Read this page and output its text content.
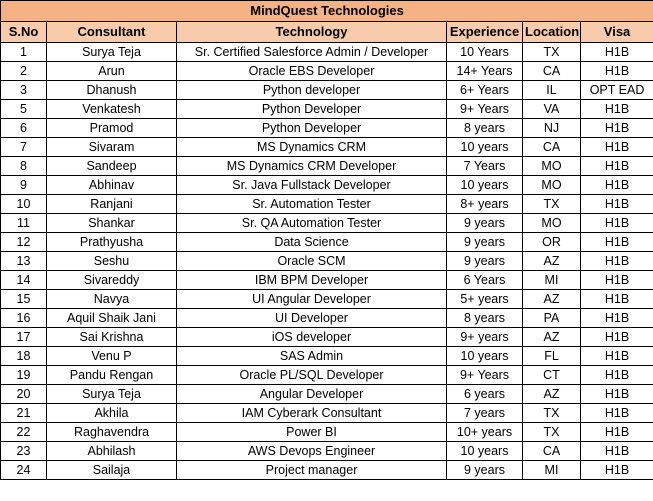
MindQuest Technologies					
S.No	Consultant	Technology	Experience	Location	Visa
1	Surya Teja	Sr. Certified Salesforce Admin / Developer	10 Years	TX	H1B
2	Arun	Oracle EBS Developer	14+ Years	CA	H1B
3	Dhanush	Python developer	6+ Years	IL	OPT EAD
5	Venkatesh	Python Developer	9+ Years	VA	H1B
6	Pramod	Python Developer	8 years	NJ	H1B
7	Sivaram	MS Dynamics CRM	10 years	CA	H1B
8	Sandeep	MS Dynamics CRM Developer	7 Years	MO	H1B
9	Abhinav	Sr. Java Fullstack Developer	10 years	MO	H1B
10	Ranjani	Sr. Automation Tester	8+ years	TX	H1B
11	Shankar	Sr. QA Automation Tester	9 years	MO	H1B
12	Prathyusha	Data Science	9 years	OR	H1B
13	Seshu	Oracle SCM	9 years	AZ	H1B
14	Sivareddy	IBM BPM Developer	6 Years	MI	H1B
15	Navya	UI Angular Developer	5+ years	AZ	H1B
16	Aquil Shaik Jani	UI Developer	8 years	PA	H1B
17	Sai Krishna	iOS developer	9+ years	AZ	H1B
18	Venu P	SAS Admin	10 years	FL	H1B
19	Pandu Rengan	Oracle PL/SQL Developer	9+ Years	CT	H1B
20	Surya Teja	Angular Developer	6 years	AZ	H1B
21	Akhila	IAM Cyberark Consultant	7 years	TX	H1B
22	Raghavendra	Power BI	10+ years	TX	H1B
23	Abhilash	AWS Devops Engineer	10 years	CA	H1B
24	Sailaja	Project manager	9 years	MI	H1B
